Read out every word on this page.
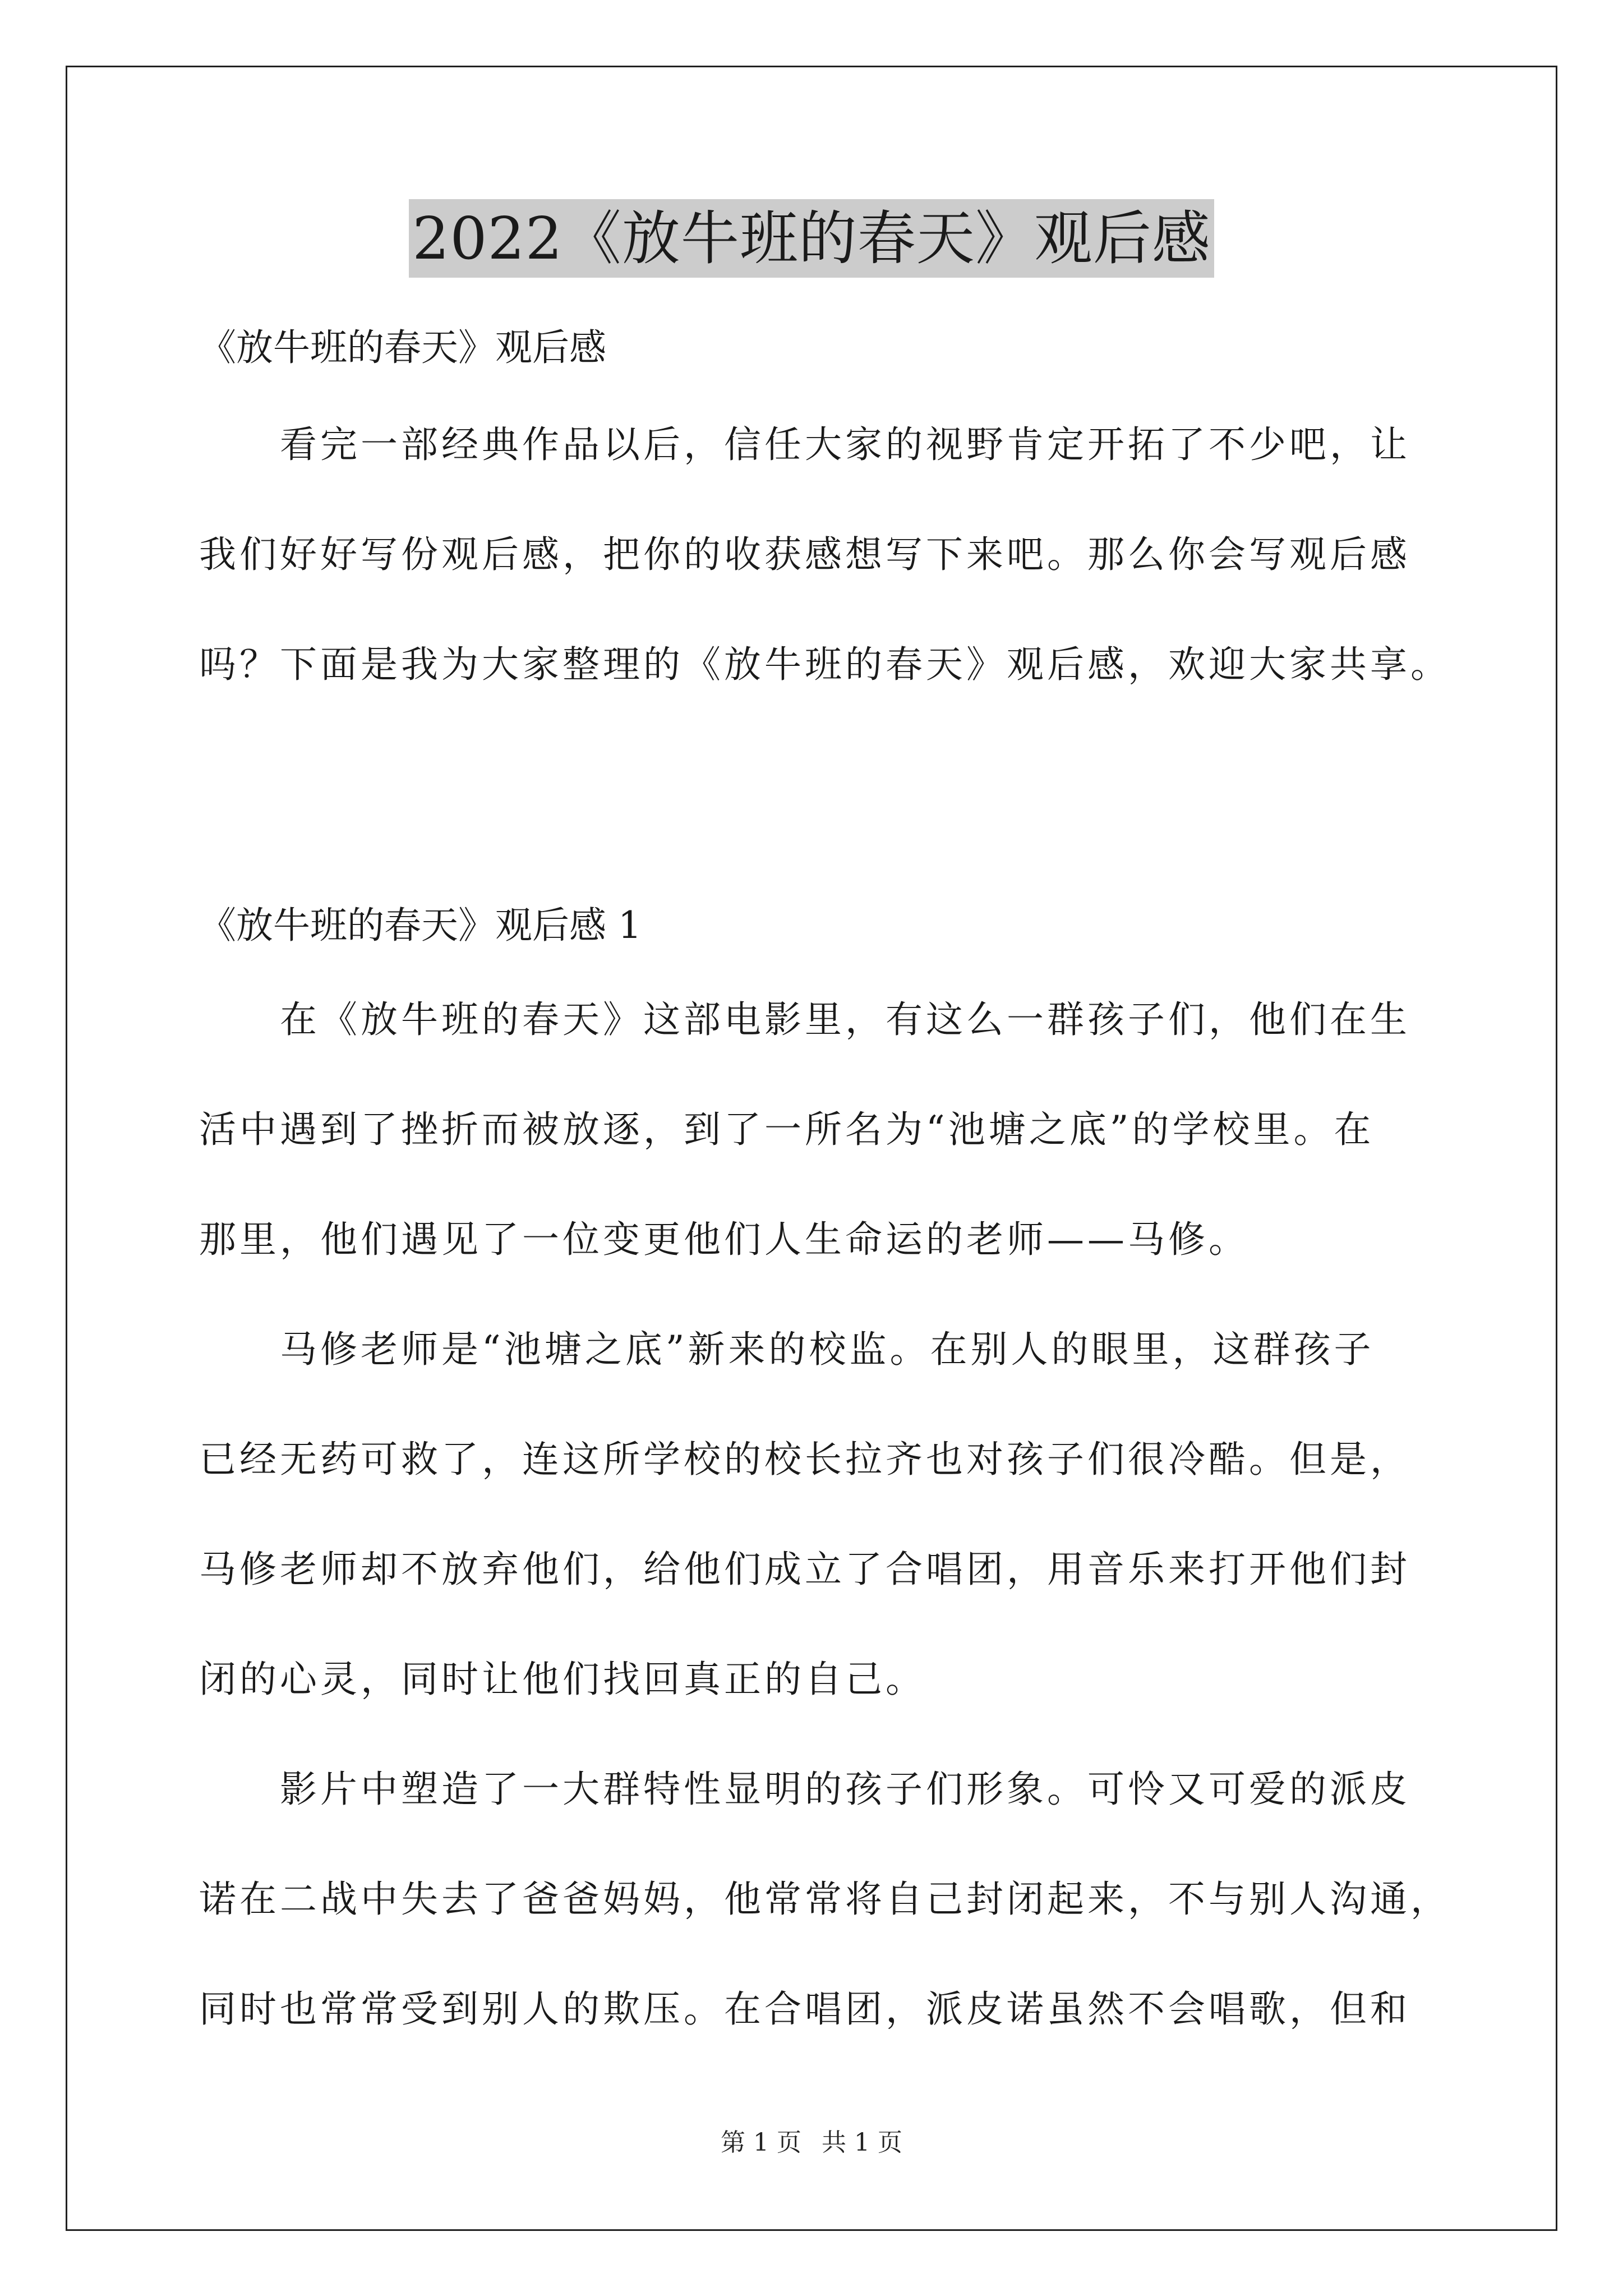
2022《放牛班的春天》观后感
《放牛班的春天》观后感
　　看完一部经典作品以后，信任大家的视野肯定开拓了不少吧，让
我们好好写份观后感，把你的收获感想写下来吧。那么你会写观后感
吗？下面是我为大家整理的《放牛班的春天》观后感，欢迎大家共享。
《放牛班的春天》观后感 1
　　在《放牛班的春天》这部电影里，有这么一群孩子们，他们在生
活中遇到了挫折而被放逐，到了一所名为“池塘之底”的学校里。在
那里，他们遇见了一位变更他们人生命运的老师——马修。
　　马修老师是“池塘之底”新来的校监。在别人的眼里，这群孩子
已经无药可救了，连这所学校的校长拉齐也对孩子们很冷酷。但是，
马修老师却不放弃他们，给他们成立了合唱团，用音乐来打开他们封
闭的心灵，同时让他们找回真正的自己。
　　影片中塑造了一大群特性显明的孩子们形象。可怜又可爱的派皮
诺在二战中失去了爸爸妈妈，他常常将自己封闭起来，不与别人沟通，
同时也常常受到别人的欺压。在合唱团，派皮诺虽然不会唱歌，但和
第 1 页 共 1 页
